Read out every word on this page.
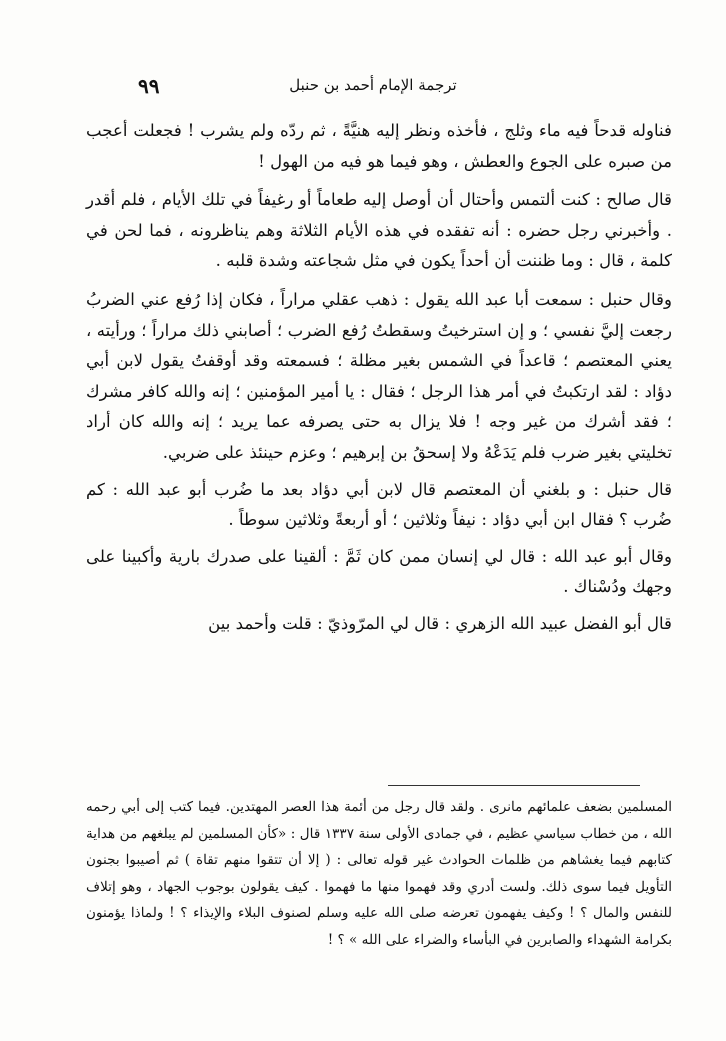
٩٩	ترجمة الإمام أحمد بن حنبل

فناوله قدحاً فيه ماء وثلج ، فأخذه ونظر إليه هنيَّةً ، ثم ردّه ولم يشرب ! فجعلت أعجب من صبره على الجوع والعطش ، وهو فيما هو فيه من الهول !

قال صالح : كنت ألتمس وأحتال أن أوصل إليه طعاماً أو رغيفاً في تلك الأيام ، فلم أقدر . وأخبرني رجل حضره : أنه تفقده في هذه الأيام الثلاثة وهم يناظرونه ، فما لحن في كلمة ، قال : وما ظننت أن أحداً يكون في مثل شجاعته وشدة قلبه .

وقال حنبل : سمعت أبا عبد الله يقول : ذهب عقلي مراراً ، فكان إذا رُفع عني الضربُ رجعت إليَّ نفسي ؛ و إن استرخيتُ وسقطتُ رُفع الضرب ؛ أصابني ذلك مراراً ؛ ورأيته ، يعني المعتصم ؛ قاعداً في الشمس بغير مظلة ؛ فسمعته وقد أوقفتُ يقول لابن أبي دؤاد : لقد ارتكبتُ في أمر هذا الرجل ؛ فقال : يا أمير المؤمنين ؛ إنه والله كافر مشرك ؛ فقد أشرك من غير وجه ! فلا يزال به حتى يصرفه عما يريد ؛ إنه والله كان أراد تخليتي بغير ضرب فلم يَدَعْهُ ولا إسحقُ بن إبرهيم ؛ وعزم حينئذ على ضربي.

قال حنبل : و بلغني أن المعتصم قال لابن أبي دؤاد بعد ما ضُرب أبو عبد الله : كم ضُرب ؟ فقال ابن أبي دؤاد : نيفاً وثلاثين ؛ أو أربعةً وثلاثين سوطاً .

وقال أبو عبد الله : قال لي إنسان ممن كان ثَمَّ : ألقينا على صدرك بارية وأكبينا على وجهك ودُسْناك .

قال أبو الفضل عبيد الله الزهري : قال لي المرّوذيّ : قلت وأحمد بين

المسلمين بضعف علمائهم مانرى . ولقد قال رجل من أئمة هذا العصر المهتدين. فيما كتب إلى أبي رحمه الله ، من خطاب سياسي عظيم ، في جمادى الأولى سنة ١٣٣٧ قال : «كأن المسلمين لم يبلغهم من هداية كتابهم فيما يغشاهم من ظلمات الحوادث غير قوله تعالى : ( إلا أن تتقوا منهم تقاة ) ثم أصيبوا بجنون التأويل فيما سوى ذلك. ولست أدري وقد فهموا منها ما فهموا . كيف يقولون بوجوب الجهاد ، وهو إتلاف للنفس والمال ؟ ! وكيف يفهمون تعرضه صلى الله عليه وسلم لصنوف البلاء والإيذاء ؟ ! ولماذا يؤمنون بكرامة الشهداء والصابرين في البأساء والضراء على الله » ؟ !
